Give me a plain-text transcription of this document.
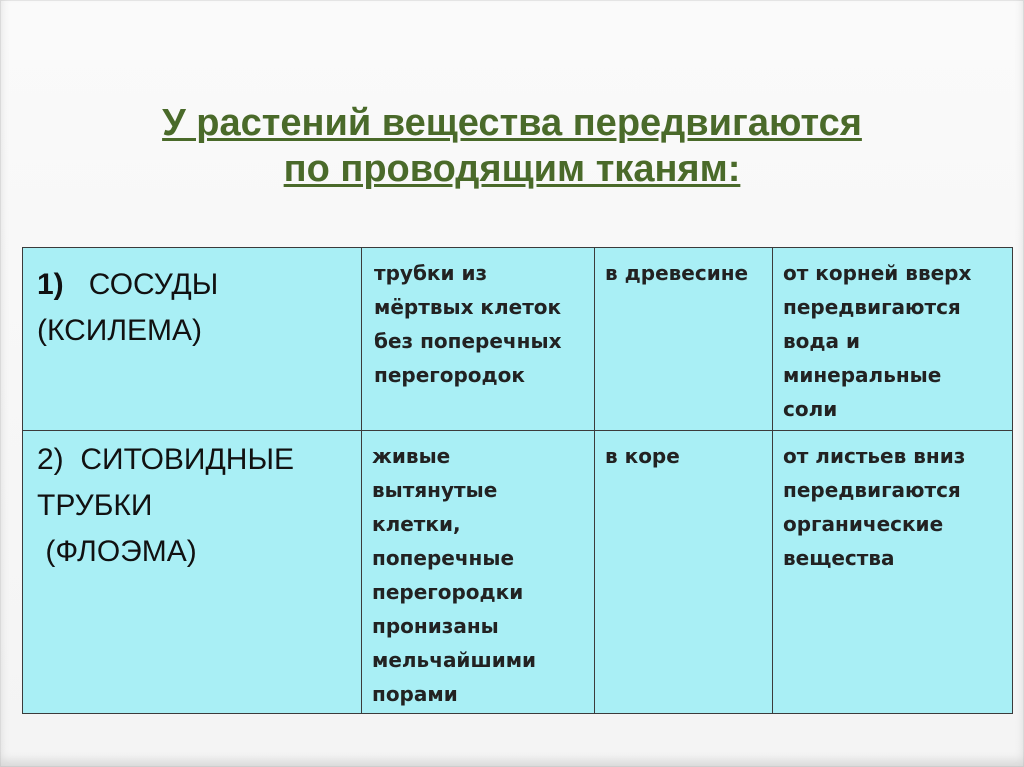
У растений вещества передвигаются
по проводящим тканям:
1) СОСУДЫ
(КСИЛЕМА)	трубки из мёртвых клеток без поперечных перегородок	в древесине	от корней вверх передвигаются вода и минеральные соли

2) СИТОВИДНЫЕ
ТРУБКИ
(ФЛОЭМА)	живые вытянутые клетки, поперечные перегородки пронизаны мельчайшими порами	в коре	от листьев вниз передвигаются органические вещества
